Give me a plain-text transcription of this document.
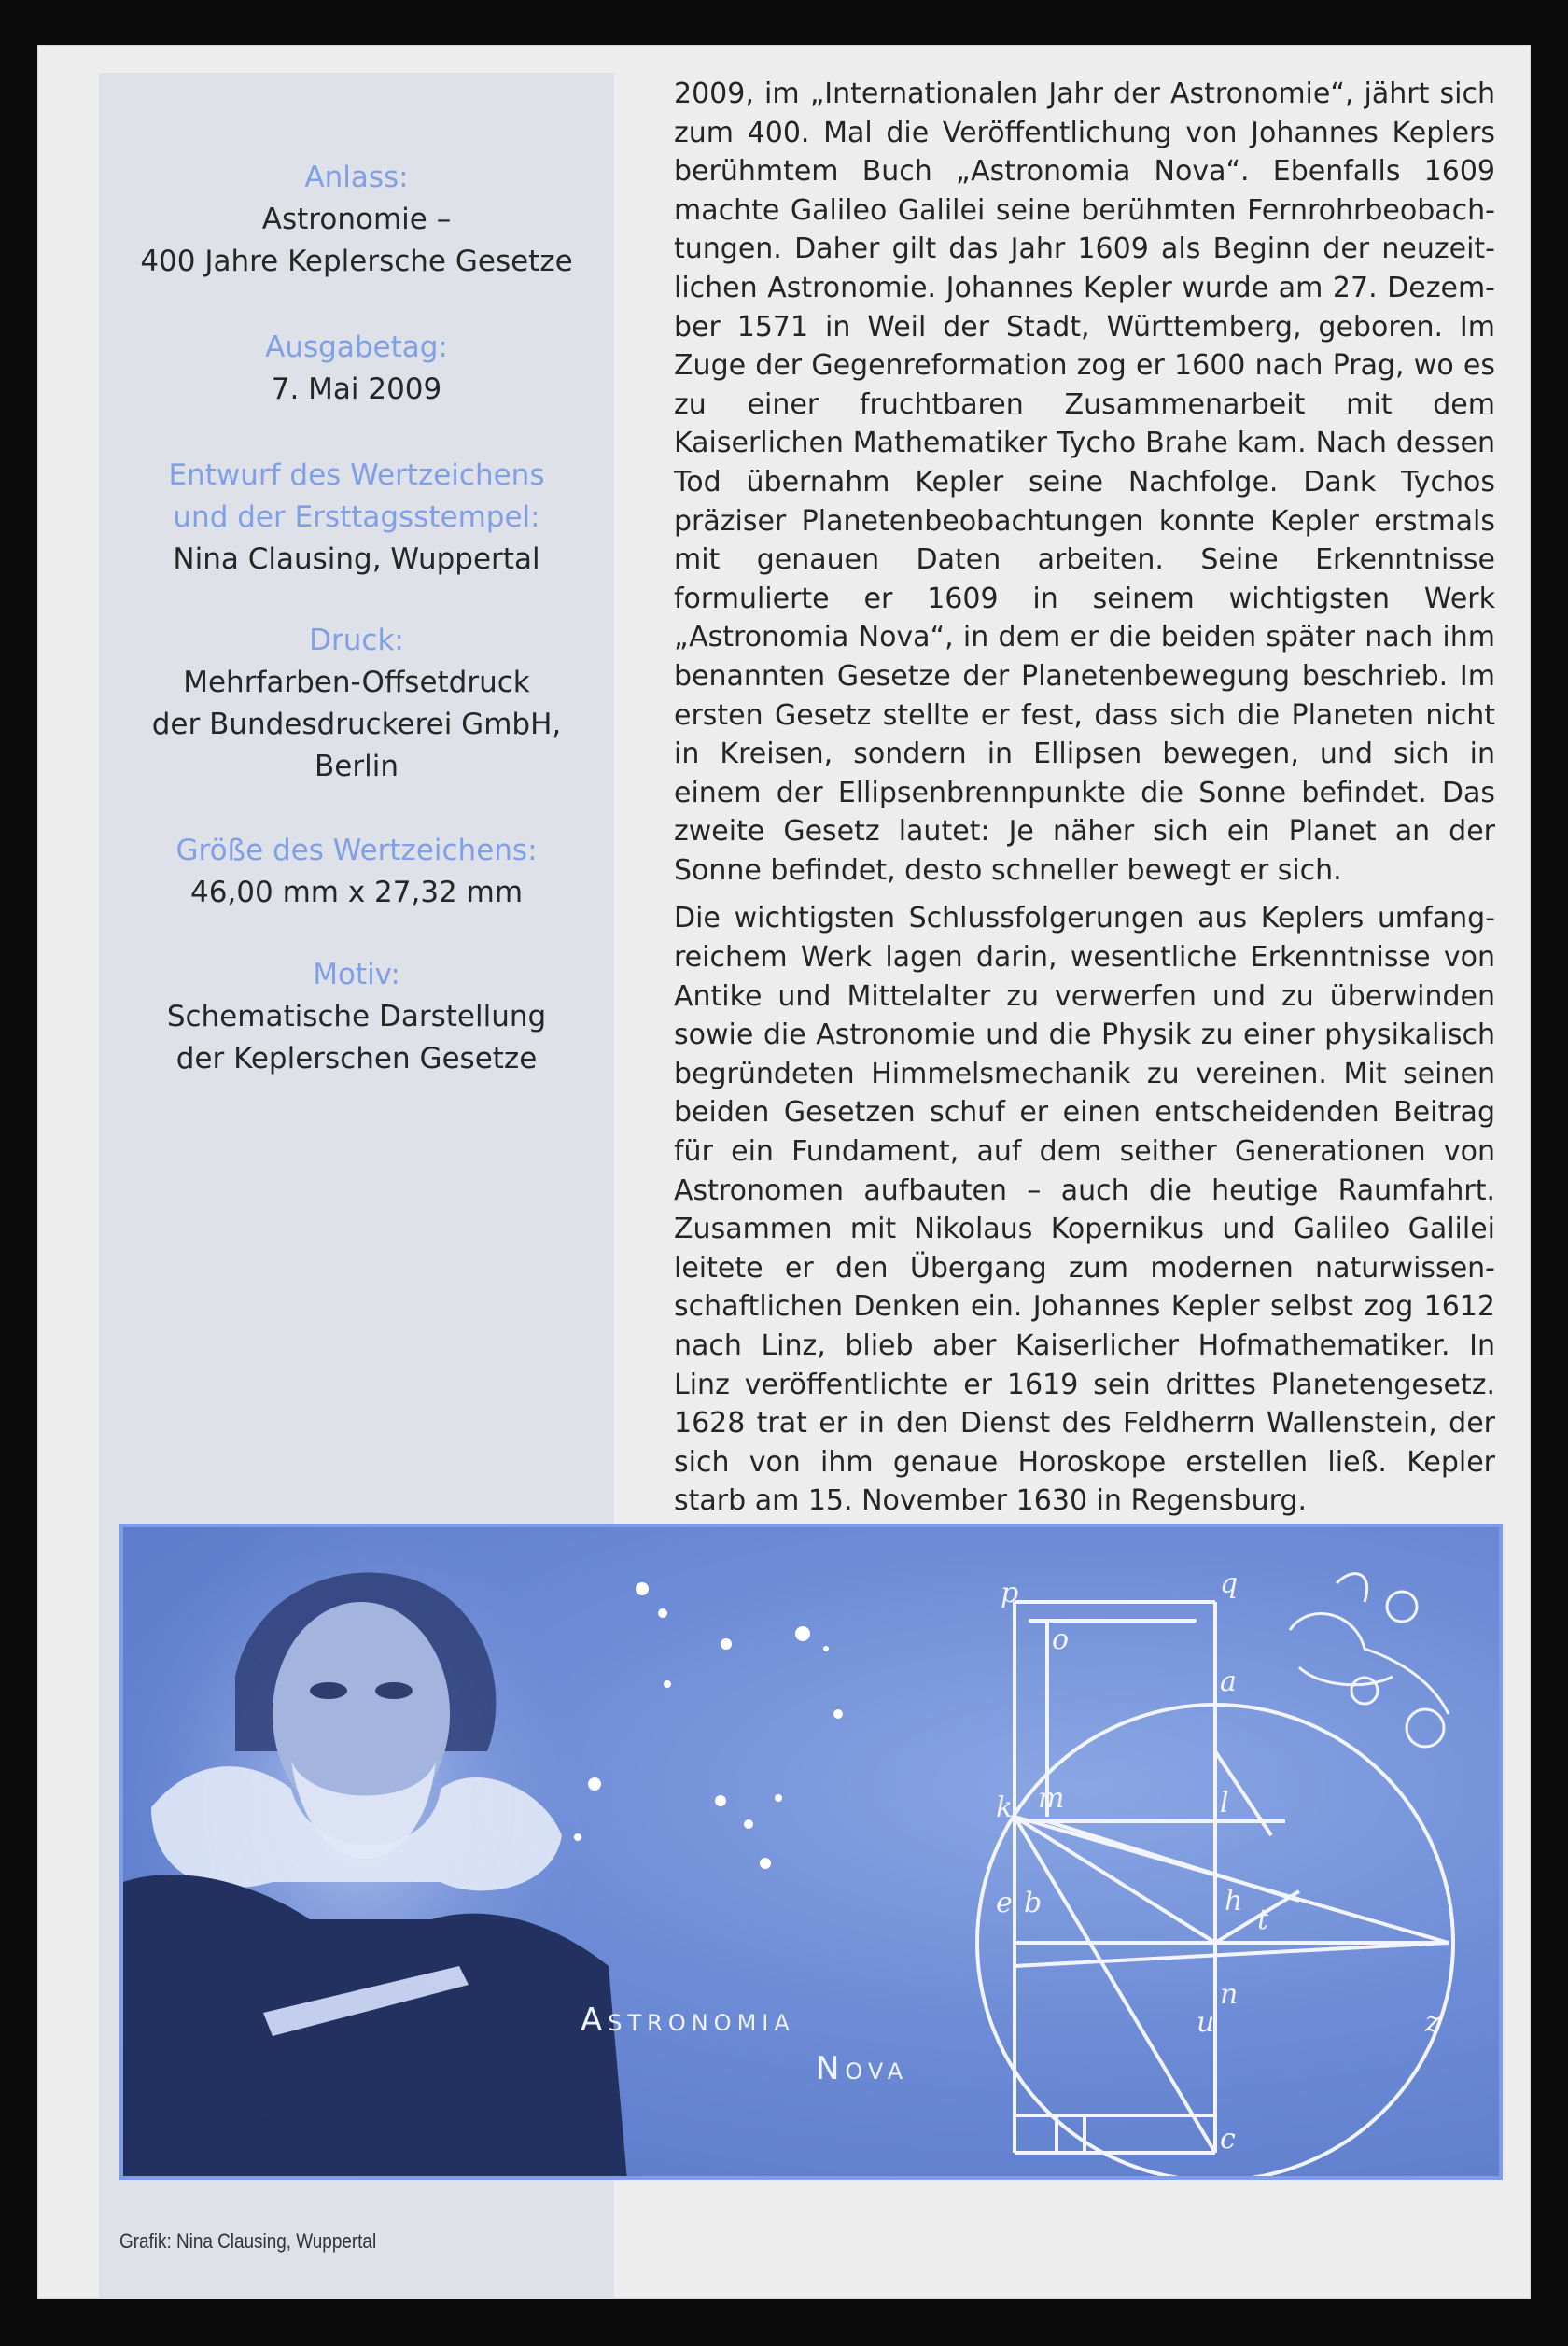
Anlass:
Astronomie –
400 Jahre Keplersche Gesetze
Ausgabetag:
7. Mai 2009
Entwurf des Wertzeichens
und der Ersttagsstempel:
Nina Clausing, Wuppertal
Druck:
Mehrfarben-Offsetdruck
der Bundesdruckerei GmbH,
Berlin
Größe des Wertzeichens:
46,00 mm x 27,32 mm
Motiv:
Schematische Darstellung
der Keplerschen Gesetze

2009, im „Internationalen Jahr der Astronomie“, jährt sich zum 400. Mal die Veröffentlichung von Johannes Keplers berühmtem Buch „Astronomia Nova“. Ebenfalls 1609 machte Galileo Galilei seine berühmten Fernrohrbeobachtungen. Daher gilt das Jahr 1609 als Beginn der neuzeitlichen Astronomie. Johannes Kepler wurde am 27. Dezember 1571 in Weil der Stadt, Württemberg, geboren. Im Zuge der Gegenreformation zog er 1600 nach Prag, wo es zu einer fruchtbaren Zusammenarbeit mit dem Kaiserlichen Mathematiker Tycho Brahe kam. Nach dessen Tod übernahm Kepler seine Nachfolge. Dank Tychos präziser Planetenbeobachtungen konnte Kepler erstmals mit genauen Daten arbeiten. Seine Erkenntnisse formulierte er 1609 in seinem wichtigsten Werk „Astronomia Nova“, in dem er die beiden später nach ihm benannten Gesetze der Planetenbewegung beschrieb. Im ersten Gesetz stellte er fest, dass sich die Planeten nicht in Kreisen, sondern in Ellipsen bewegen, und sich in einem der Ellipsenbrennpunkte die Sonne befindet. Das zweite Gesetz lautet: Je näher sich ein Planet an der Sonne befindet, desto schneller bewegt er sich.

Die wichtigsten Schlussfolgerungen aus Keplers umfangreichem Werk lagen darin, wesentliche Erkenntnisse von Antike und Mittelalter zu verwerfen und zu überwinden sowie die Astronomie und die Physik zu einer physikalisch begründeten Himmelsmechanik zu vereinen. Mit seinen beiden Gesetzen schuf er einen entscheidenden Beitrag für ein Fundament, auf dem seither Generationen von Astronomen aufbauten – auch die heutige Raumfahrt. Zusammen mit Nikolaus Kopernikus und Galileo Galilei leitete er den Übergang zum modernen naturwissenschaftlichen Denken ein. Johannes Kepler selbst zog 1612 nach Linz, blieb aber Kaiserlicher Hofmathematiker. In Linz veröffentlichte er 1619 sein drittes Planetengesetz. 1628 trat er in den Dienst des Feldherrn Wallenstein, der sich von ihm genaue Horoskope erstellen ließ. Kepler starb am 15. November 1630 in Regensburg.

p	q
o
a
k m	l
e b	h
t
n
u	z
c
Astronomia
Nova
Grafik: Nina Clausing, Wuppertal
